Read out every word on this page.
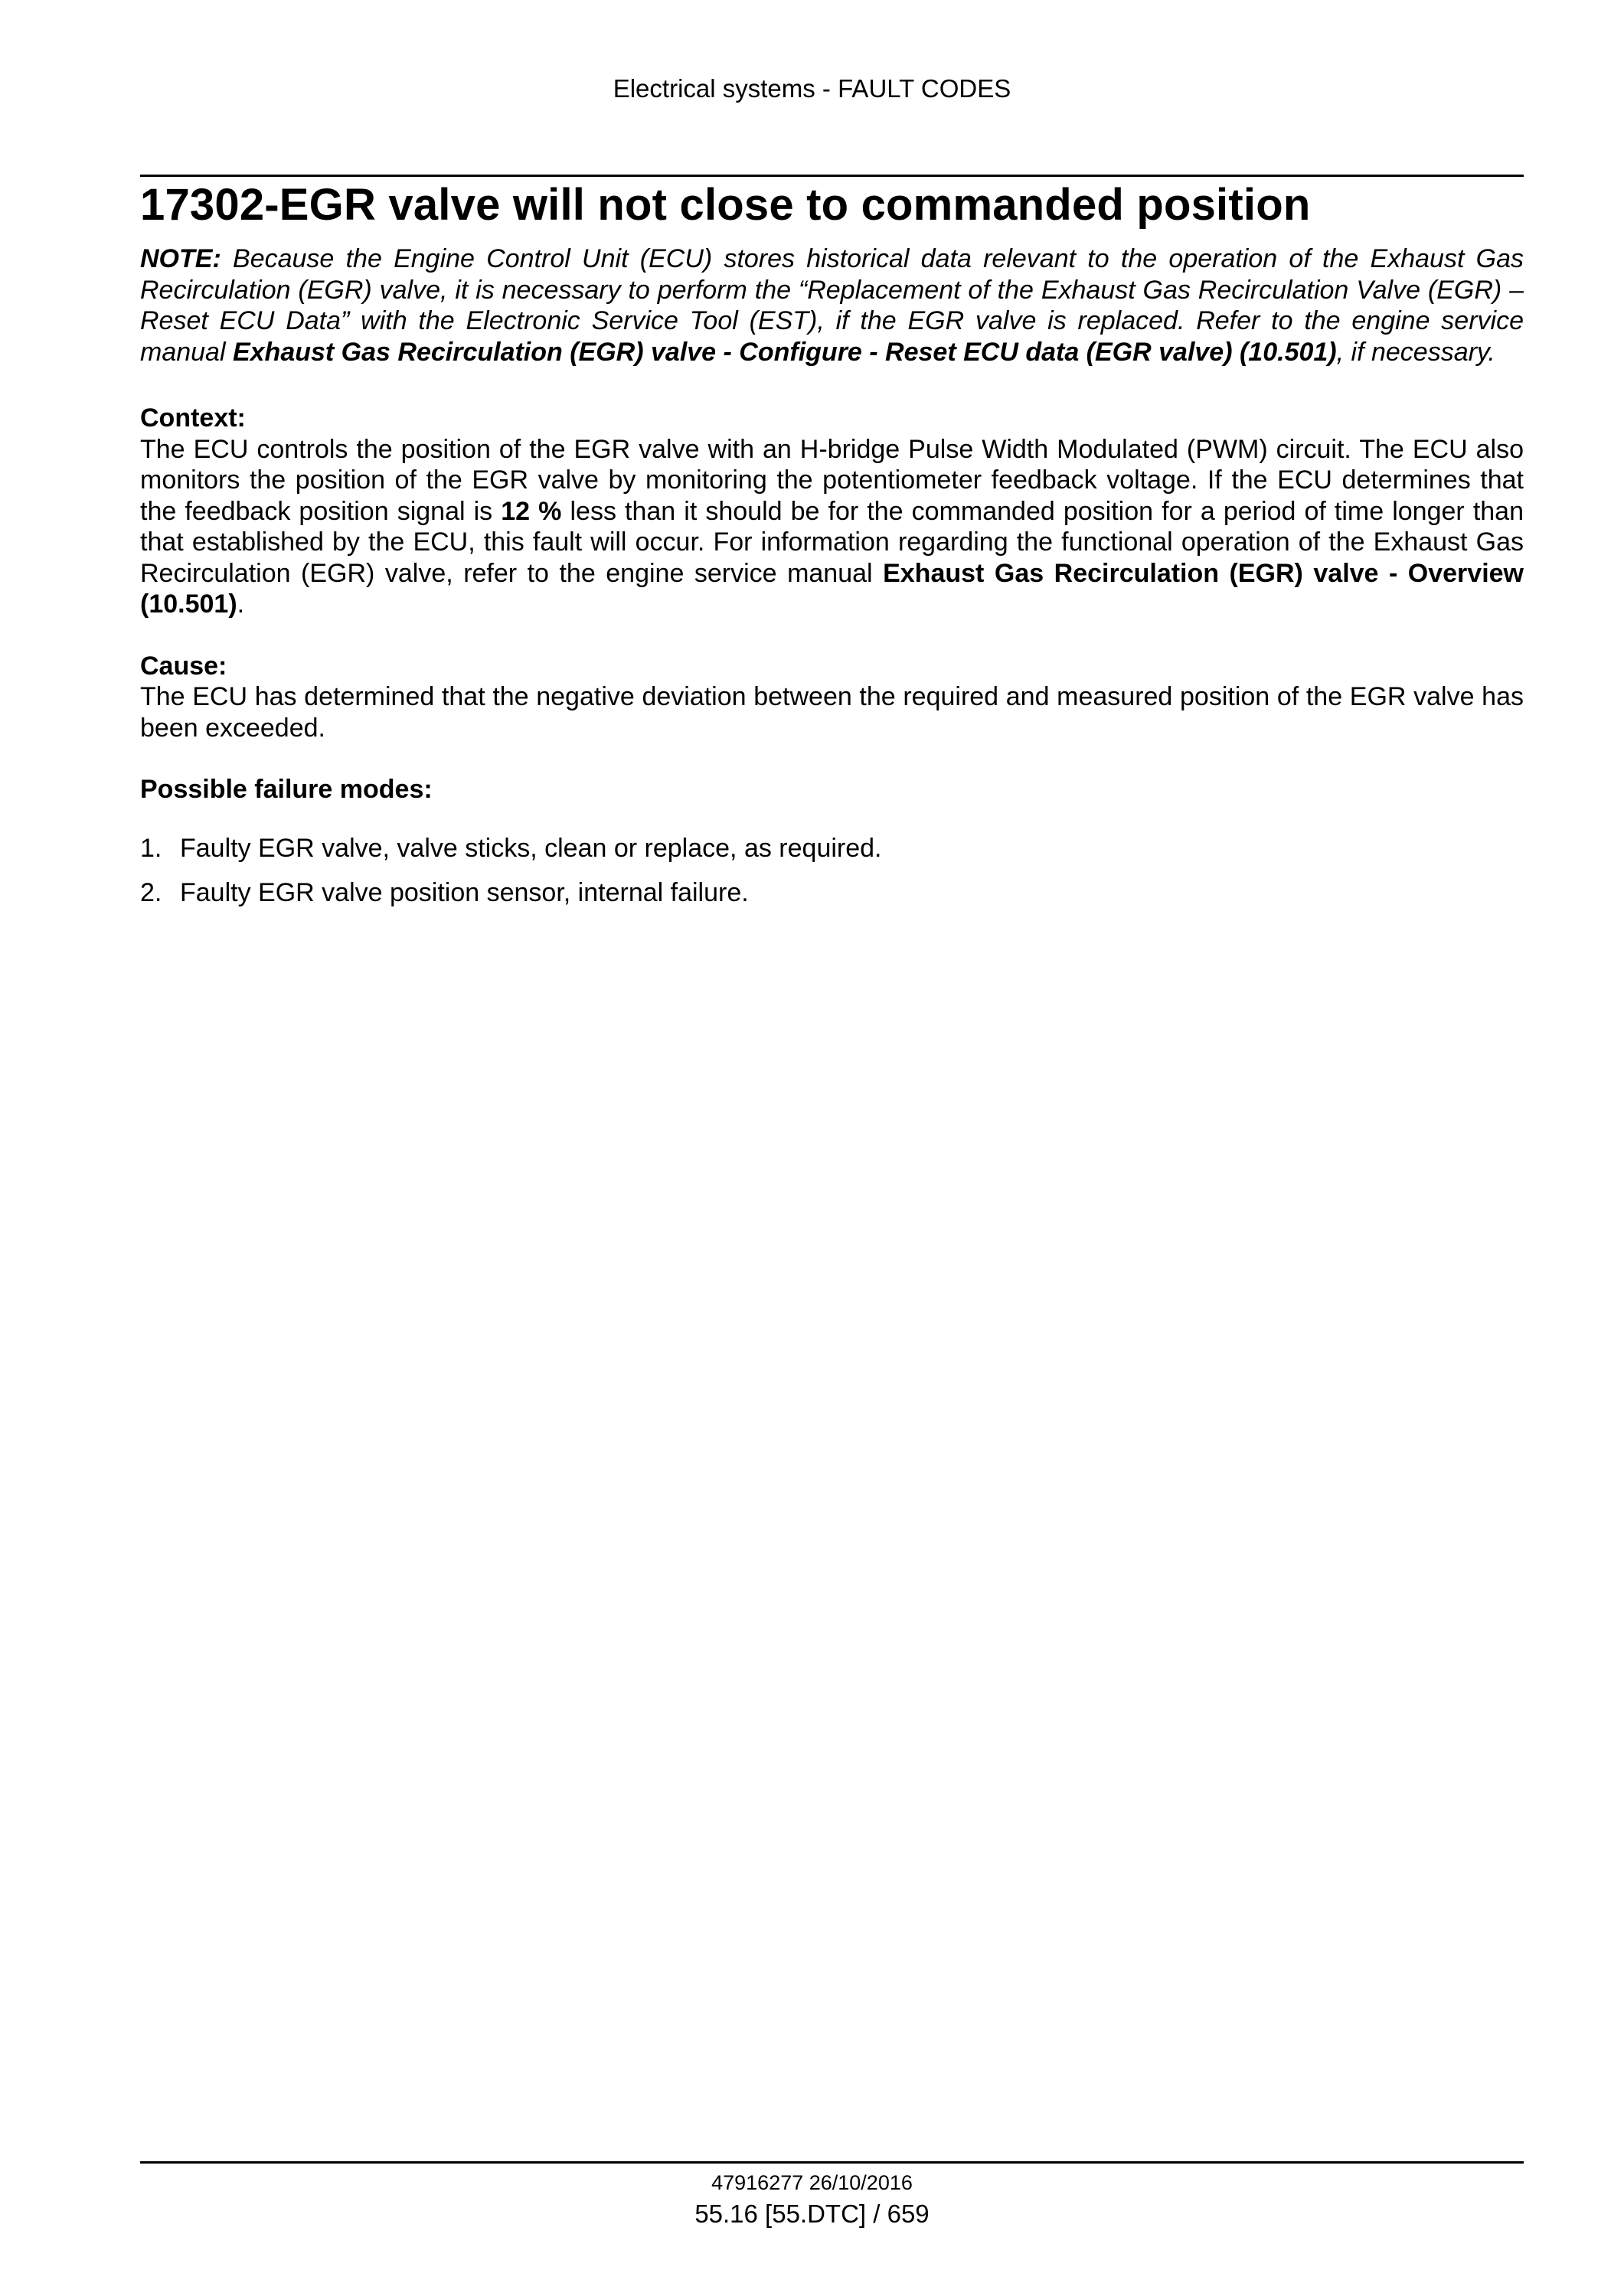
Electrical systems - FAULT CODES
17302-EGR valve will not close to commanded position

NOTE: Because the Engine Control Unit (ECU) stores historical data relevant to the operation of the Exhaust Gas Recirculation (EGR) valve, it is necessary to perform the “Replacement of the Exhaust Gas Recirculation Valve (EGR) – Reset ECU Data” with the Electronic Service Tool (EST), if the EGR valve is replaced. Refer to the engine service manual Exhaust Gas Recirculation (EGR) valve - Configure - Reset ECU data (EGR valve) (10.501), if necessary.

Context:

The ECU controls the position of the EGR valve with an H-bridge Pulse Width Modulated (PWM) circuit. The ECU also monitors the position of the EGR valve by monitoring the potentiometer feedback voltage. If the ECU determines that the feedback position signal is 12 % less than it should be for the commanded position for a period of time longer than that established by the ECU, this fault will occur. For information regarding the functional operation of the Exhaust Gas Recirculation (EGR) valve, refer to the engine service manual Exhaust Gas Recirculation (EGR) valve - Overview (10.501).

Cause:

The ECU has determined that the negative deviation between the required and measured position of the EGR valve has been exceeded.

Possible failure modes:

1. Faulty EGR valve, valve sticks, clean or replace, as required.
2. Faulty EGR valve position sensor, internal failure.
47916277 26/10/2016
55.16 [55.DTC] / 659
